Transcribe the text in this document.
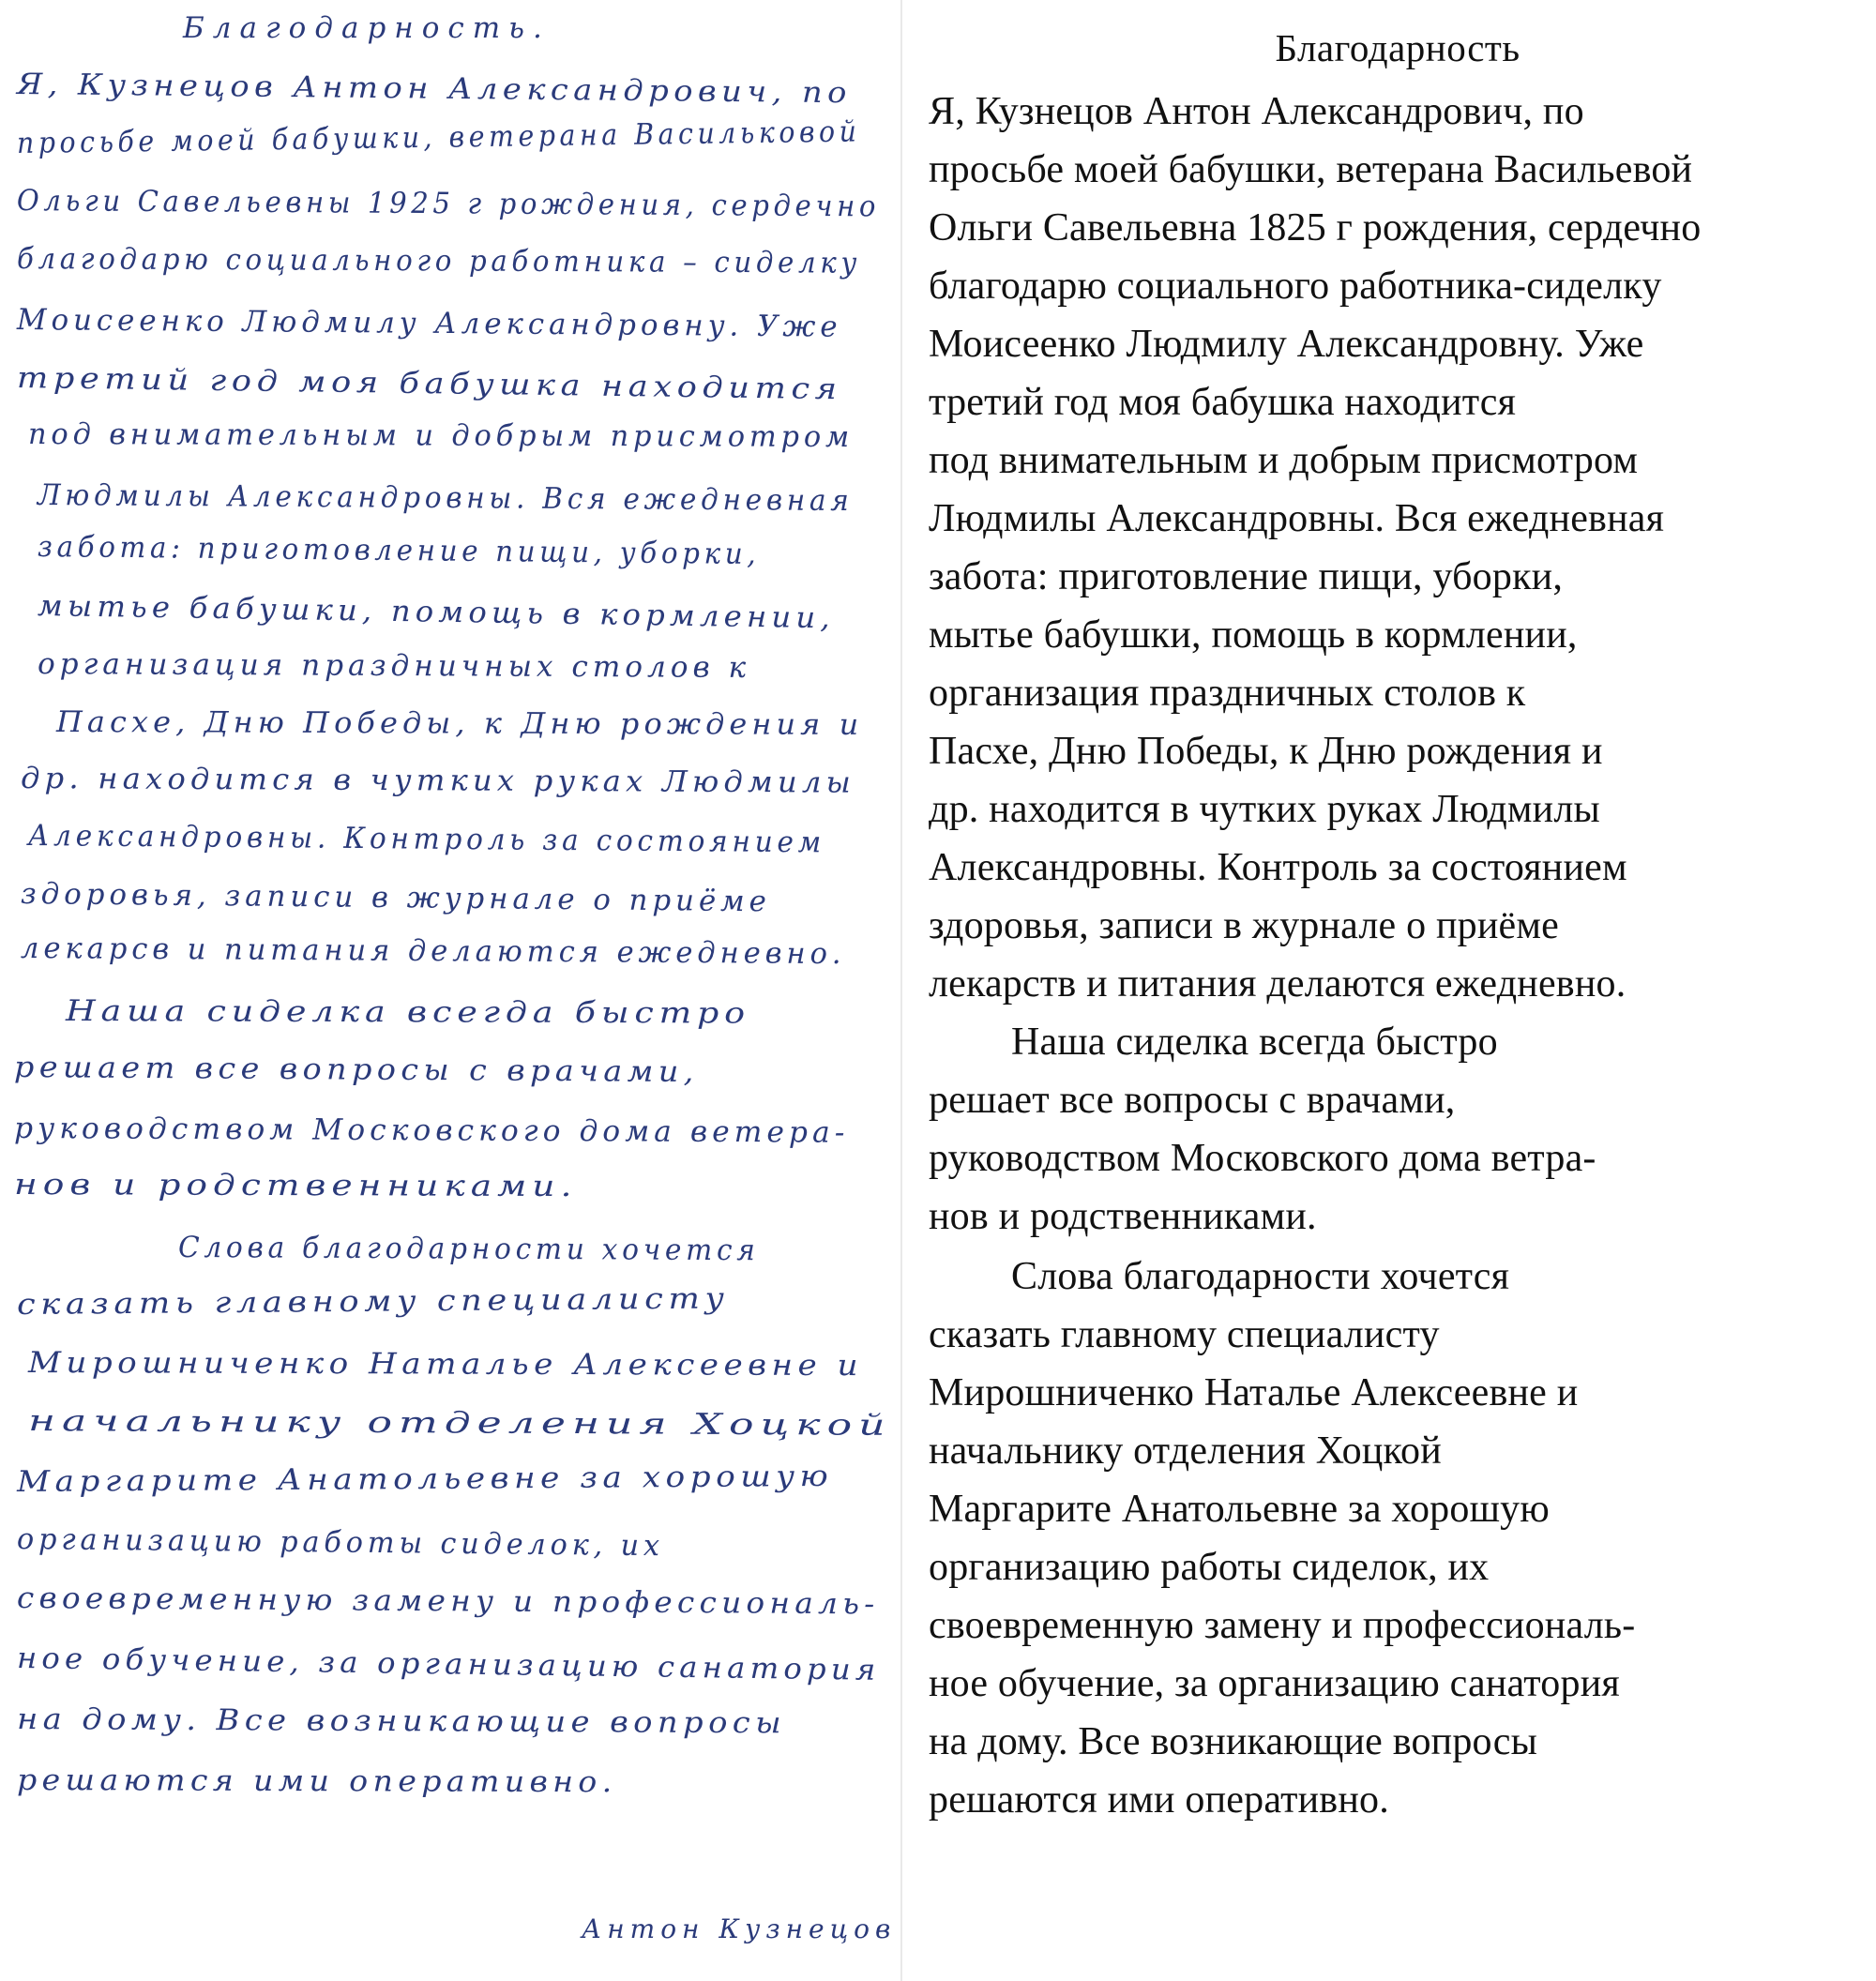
Благодарность.
Я, Кузнецов Антон Александрович, по
просьбе моей бабушки, ветерана Васильковой
Ольги Савельевны 1925 г рождения, сердечно
благодарю социального работника – сиделку
Моисеенко Людмилу Александровну. Уже
третий год моя бабушка находится
под внимательным и добрым присмотром
Людмилы Александровны. Вся ежедневная
забота: приготовление пищи, уборки,
мытье бабушки, помощь в кормлении,
организация праздничных столов к
Пасхе, Дню Победы, к Дню рождения и
др. находится в чутких руках Людмилы
Александровны. Контроль за состоянием
здоровья, записи в журнале о приёме
лекарсв и питания делаются ежедневно.
Наша сиделка всегда быстро
решает все вопросы с врачами,
руководством Московского дома ветера-
нов и родственниками.
Слова благодарности хочется
сказать главному специалисту
Мирошниченко Наталье Алексеевне и
начальнику отделения Хоцкой
Маргарите Анатольевне за хорошую
организацию работы сиделок, их
своевременную замену и профессиональ-
ное обучение, за организацию санатория
на дому. Все возникающие вопросы
решаются ими оперативно.
Антон Кузнецов
Благодарность
Я, Кузнецов Антон Александрович, по
просьбе моей бабушки, ветерана Васильевой
Ольги Савельевна 1825 г рождения, сердечно
благодарю социального работника-сиделку
Моисеенко Людмилу Александровну. Уже
третий год моя бабушка находится
под внимательным и добрым присмотром
Людмилы Александровны. Вся ежедневная
забота: приготовление пищи, уборки,
мытье бабушки, помощь в кормлении,
организация праздничных столов к
Пасхе, Дню Победы, к Дню рождения и
др. находится в чутких руках Людмилы
Александровны. Контроль за состоянием
здоровья, записи в журнале о приёме
лекарств и питания делаются ежедневно.
Наша сиделка всегда быстро
решает все вопросы с врачами,
руководством Московского дома ветра-
нов и родственниками.
Слова благодарности хочется
сказать главному специалисту
Мирошниченко Наталье Алексеевне и
начальнику отделения Хоцкой
Маргарите Анатольевне за хорошую
организацию работы сиделок, их
своевременную замену и профессиональ-
ное обучение, за организацию санатория
на дому. Все возникающие вопросы
решаются ими оперативно.
